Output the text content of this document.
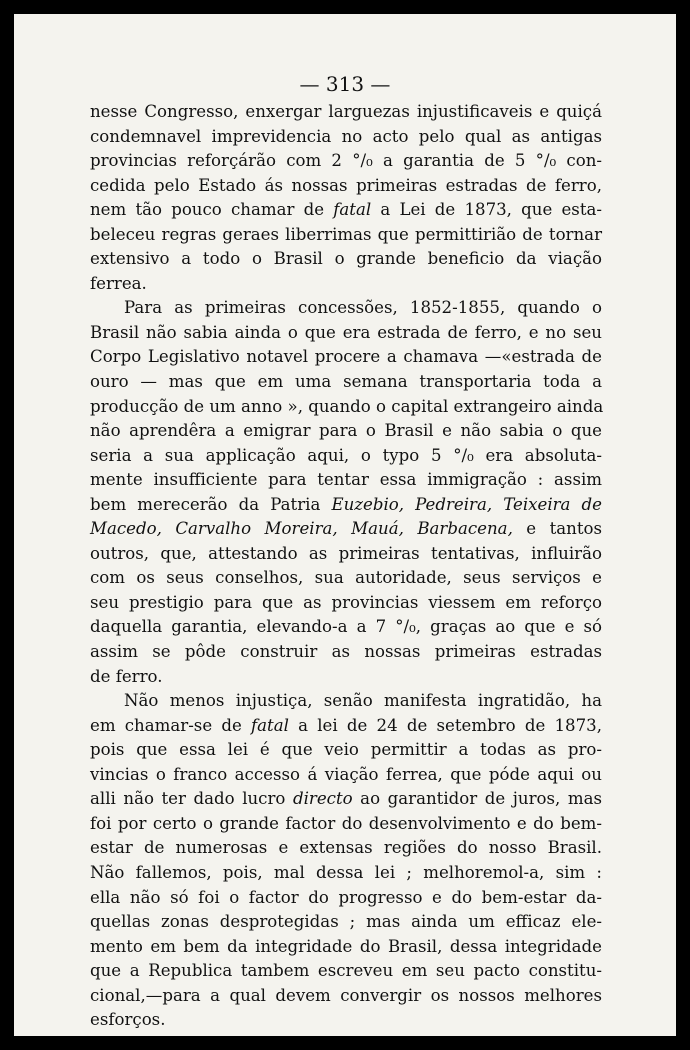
— 313 —
nesse Congresso, enxergar larguezas injustificaveis e quiçá
condemnavel imprevidencia no acto pelo qual as antigas
provincias reforçárão com 2 °/₀ a garantia de 5 °/₀ con-
cedida pelo Estado ás nossas primeiras estradas de ferro,
nem tão pouco chamar de fatal a Lei de 1873, que esta-
beleceu regras geraes liberrimas que permittirião de tornar
extensivo a todo o Brasil o grande beneficio da viação
ferrea.
Para as primeiras concessões, 1852-1855, quando o
Brasil não sabia ainda o que era estrada de ferro, e no seu
Corpo Legislativo notavel procere a chamava —«estrada de
ouro — mas que em uma semana transportaria toda a
producção de um anno », quando o capital extrangeiro ainda
não aprendêra a emigrar para o Brasil e não sabia o que
seria a sua applicação aqui, o typo 5 °/₀ era absoluta-
mente insufficiente para tentar essa immigração : assim
bem merecerão da Patria Euzebio, Pedreira, Teixeira de
Macedo, Carvalho Moreira, Mauá, Barbacena, e tantos
outros, que, attestando as primeiras tentativas, influirão
com os seus conselhos, sua autoridade, seus serviços e
seu prestigio para que as provincias viessem em reforço
daquella garantia, elevando-a a 7 °/₀, graças ao que e só
assim se pôde construir as nossas primeiras estradas
de ferro.
Não menos injustiça, senão manifesta ingratidão, ha
em chamar-se de fatal a lei de 24 de setembro de 1873,
pois que essa lei é que veio permittir a todas as pro-
vincias o franco accesso á viação ferrea, que póde aqui ou
alli não ter dado lucro directo ao garantidor de juros, mas
foi por certo o grande factor do desenvolvimento e do bem-
estar de numerosas e extensas regiões do nosso Brasil.
Não fallemos, pois, mal dessa lei ; melhoremol-a, sim :
ella não só foi o factor do progresso e do bem-estar da-
quellas zonas desprotegidas ; mas ainda um efficaz ele-
mento em bem da integridade do Brasil, dessa integridade
que a Republica tambem escreveu em seu pacto constitu-
cional,—para a qual devem convergir os nossos melhores
esforços.
